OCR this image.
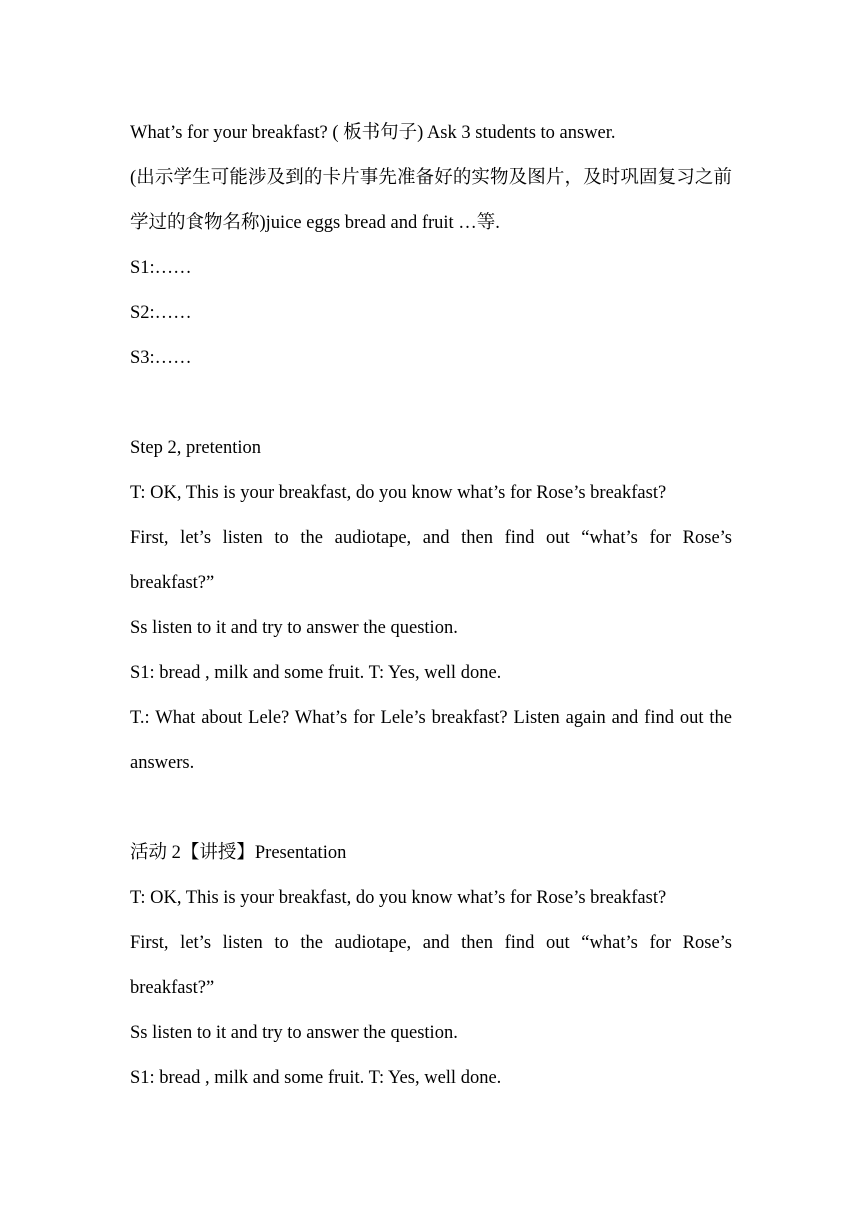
What’s for your breakfast? ( 板书句子) Ask 3 students to answer.

(出示学生可能涉及到的卡片事先准备好的实物及图片，及时巩固复习之前学过的食物名称)juice eggs bread and fruit …等.

S1:……

S2:……

S3:……

Step 2, pretention

T: OK, This is your breakfast, do you know what’s for Rose’s breakfast?

First, let’s listen to the audiotape, and then find out “what’s for Rose’s breakfast?”

Ss listen to it and try to answer the question.

S1: bread , milk and some fruit. T: Yes, well done.

T.: What about Lele? What’s for Lele’s breakfast? Listen again and find out the answers.

活动 2【讲授】Presentation

T: OK, This is your breakfast, do you know what’s for Rose’s breakfast?

First, let’s listen to the audiotape, and then find out “what’s for Rose’s breakfast?”

Ss listen to it and try to answer the question.

S1: bread , milk and some fruit. T: Yes, well done.
